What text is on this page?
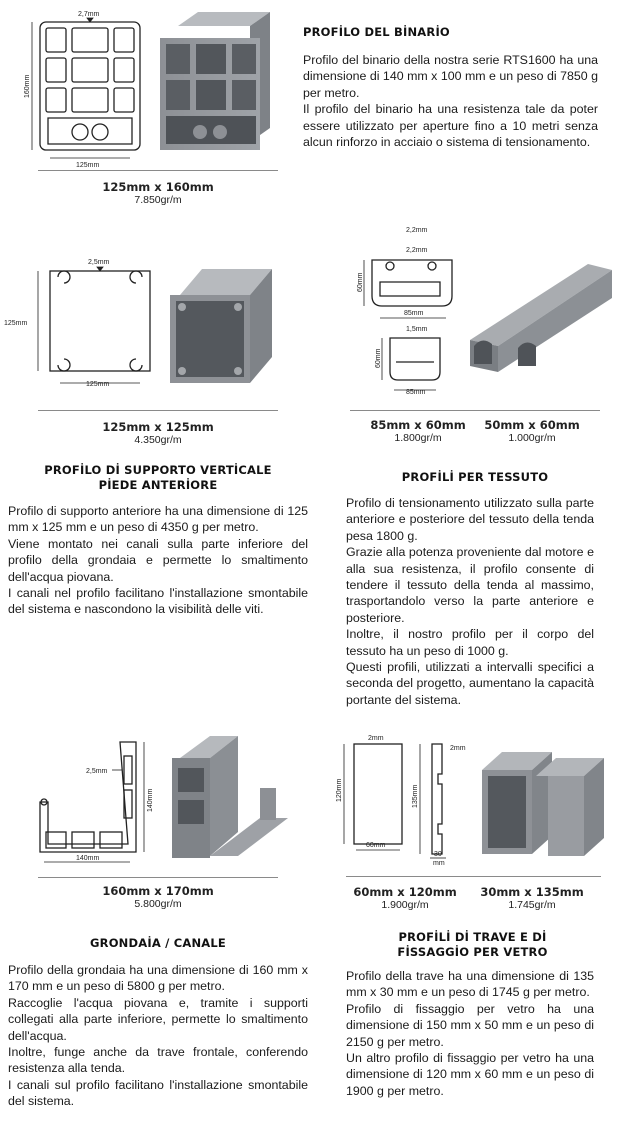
2,7mm
160mm
125mm
PROFİLO DEL BİNARİO

Profilo del binario della nostra serie RTS1600 ha una dimensione di 140 mm x 100 mm e un peso di 7850 g per metro.

Il profilo del binario ha una resistenza tale da poter essere utilizzato per aperture fino a 10 metri senza alcun rinforzo in acciaio o sistema di tensionamento.

125mm x 160mm
7.850gr/m
2,5mm
125mm
125mm
125mm x 125mm
4.350gr/m
PROFİLO Dİ SUPPORTO VERTİCALE
PİEDE ANTERİORE

Profilo di supporto anteriore ha una dimensione di 125 mm x 125 mm e un peso di 4350 g per metro.

Viene montato nei canali sulla parte inferiore del profilo della grondaia e permette lo smaltimento dell'acqua piovana.

I canali nel profilo facilitano l'installazione smontabile del sistema e nascondono la visibilità delle viti.

2,2mm
2,2mm
60mm
85mm
1,5mm
60mm
85mm
85mm x 60mm
1.800gr/m
50mm x 60mm
1.000gr/m
PROFİLİ PER TESSUTO

Profilo di tensionamento utilizzato sulla parte anteriore e posteriore del tessuto della tenda pesa 1800 g.

Grazie alla potenza proveniente dal motore e alla sua resistenza, il profilo consente di tendere il tessuto della tenda al massimo, trasportandolo verso la parte anteriore e posteriore.

Inoltre, il nostro profilo per il corpo del tessuto ha un peso di 1000 g.

Questi profili, utilizzati a intervalli specifici a seconda del progetto, aumentano la capacità portante del sistema.

2,5mm
140mm
140mm
160mm x 170mm
5.800gr/m
GRONDAİA / CANALE

Profilo della grondaia ha una dimensione di 160 mm x 170 mm e un peso di 5800 g per metro.

Raccoglie l'acqua piovana e, tramite i supporti collegati alla parte inferiore, permette lo smaltimento dell'acqua.

Inoltre, funge anche da trave frontale, conferendo resistenza alla tenda.

I canali sul profilo facilitano l'installazione smontabile del sistema.

2mm
120mm
60mm
2mm
135mm
30
mm
60mm x 120mm
1.900gr/m
30mm x 135mm
1.745gr/m
PROFİLİ Dİ TRAVE E Dİ
FİSSAGGİO PER VETRO

Profilo della trave ha una dimensione di 135 mm x 30 mm e un peso di 1745 g per metro.

Profilo di fissaggio per vetro ha una dimensione di 150 mm x 50 mm e un peso di 2150 g per metro.

Un altro profilo di fissaggio per vetro ha una dimensione di 120 mm x 60 mm e un peso di 1900 g per metro.
